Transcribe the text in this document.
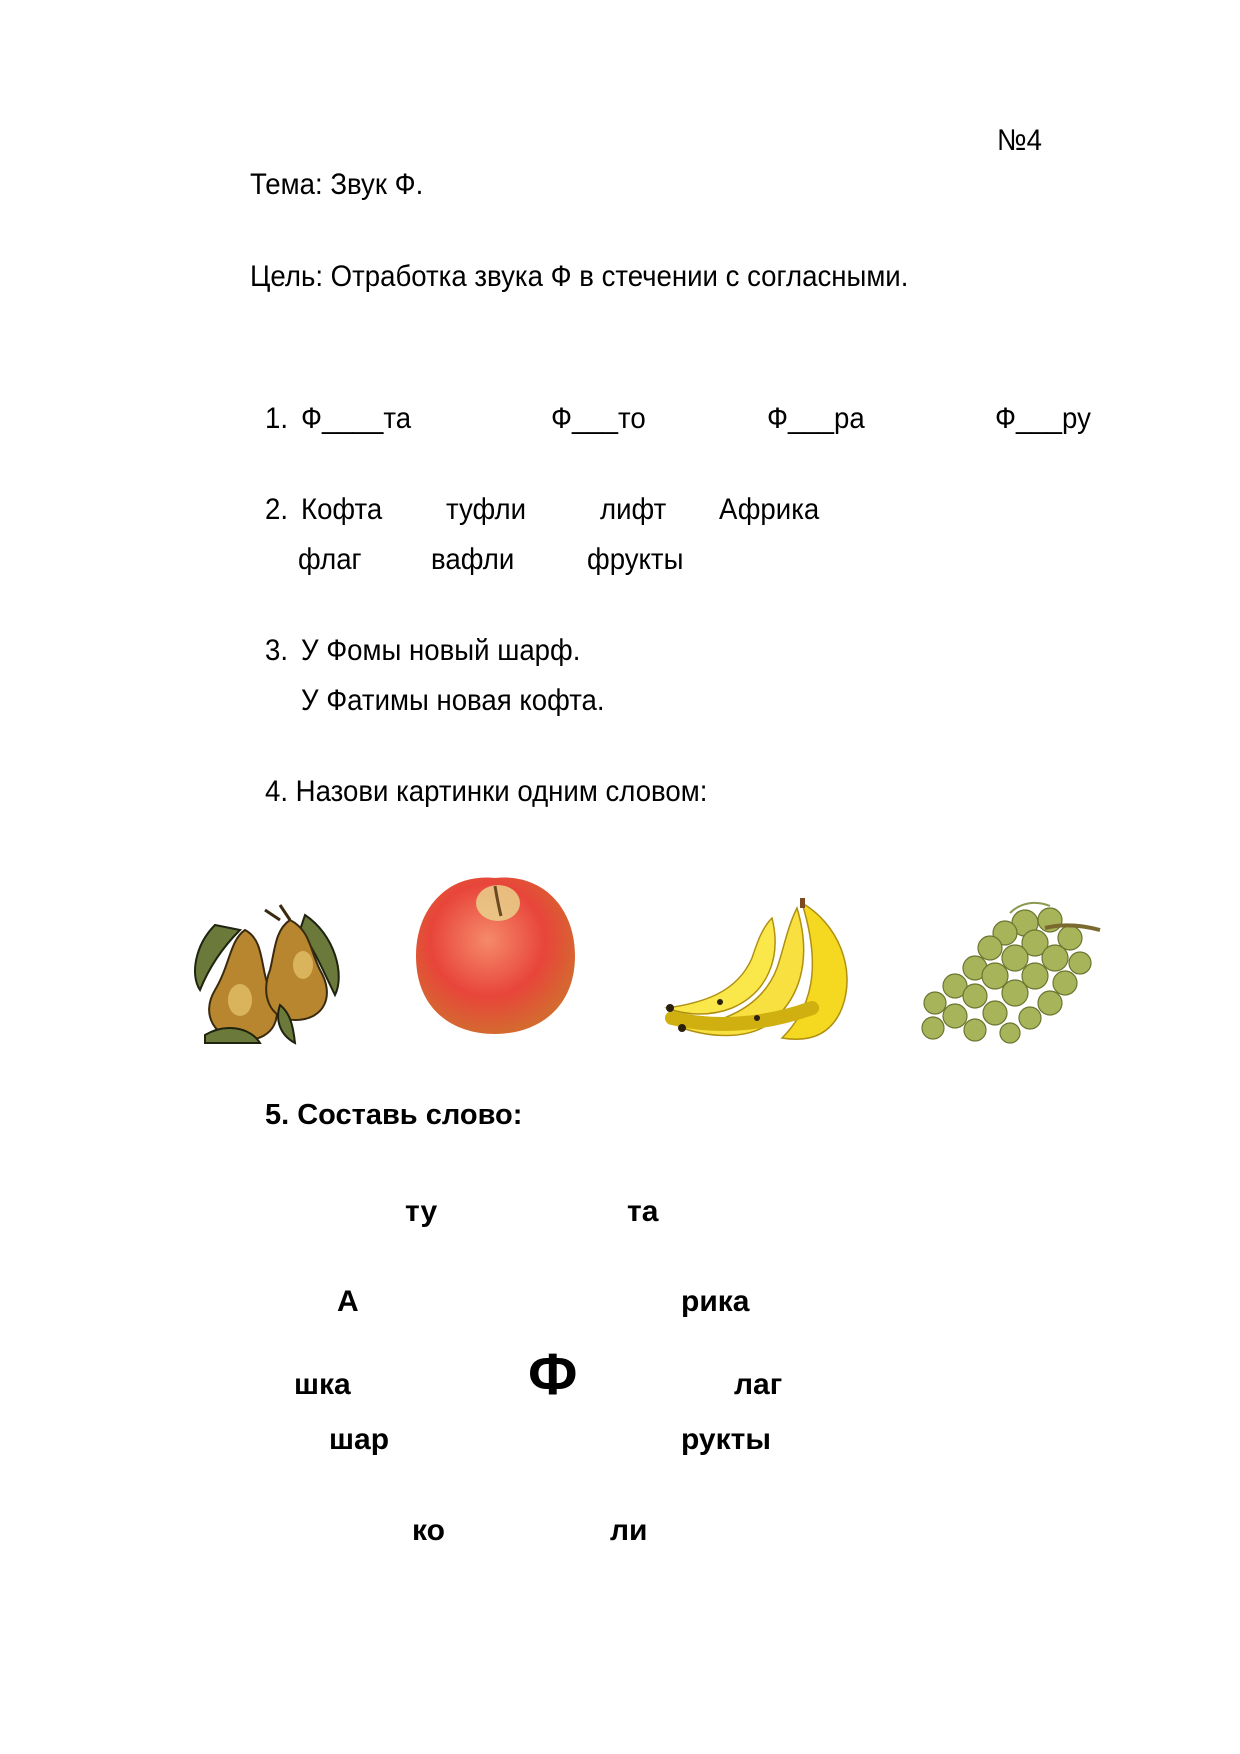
№4
Тема: Звук Ф.
Цель: Отработка звука Ф в стечении с согласными.
1. Ф____та	Ф___то	Ф___ра	Ф___ру
2. Кофта туфли лифт Африка
флаг вафли фрукты
3. У Фомы новый шарф.
У Фатимы новая кофта.
4. Назови картинки одним словом:
5. Составь слово:
ту	та
А	рика
Ф
шка	лаг
шар	рукты
ко	ли
